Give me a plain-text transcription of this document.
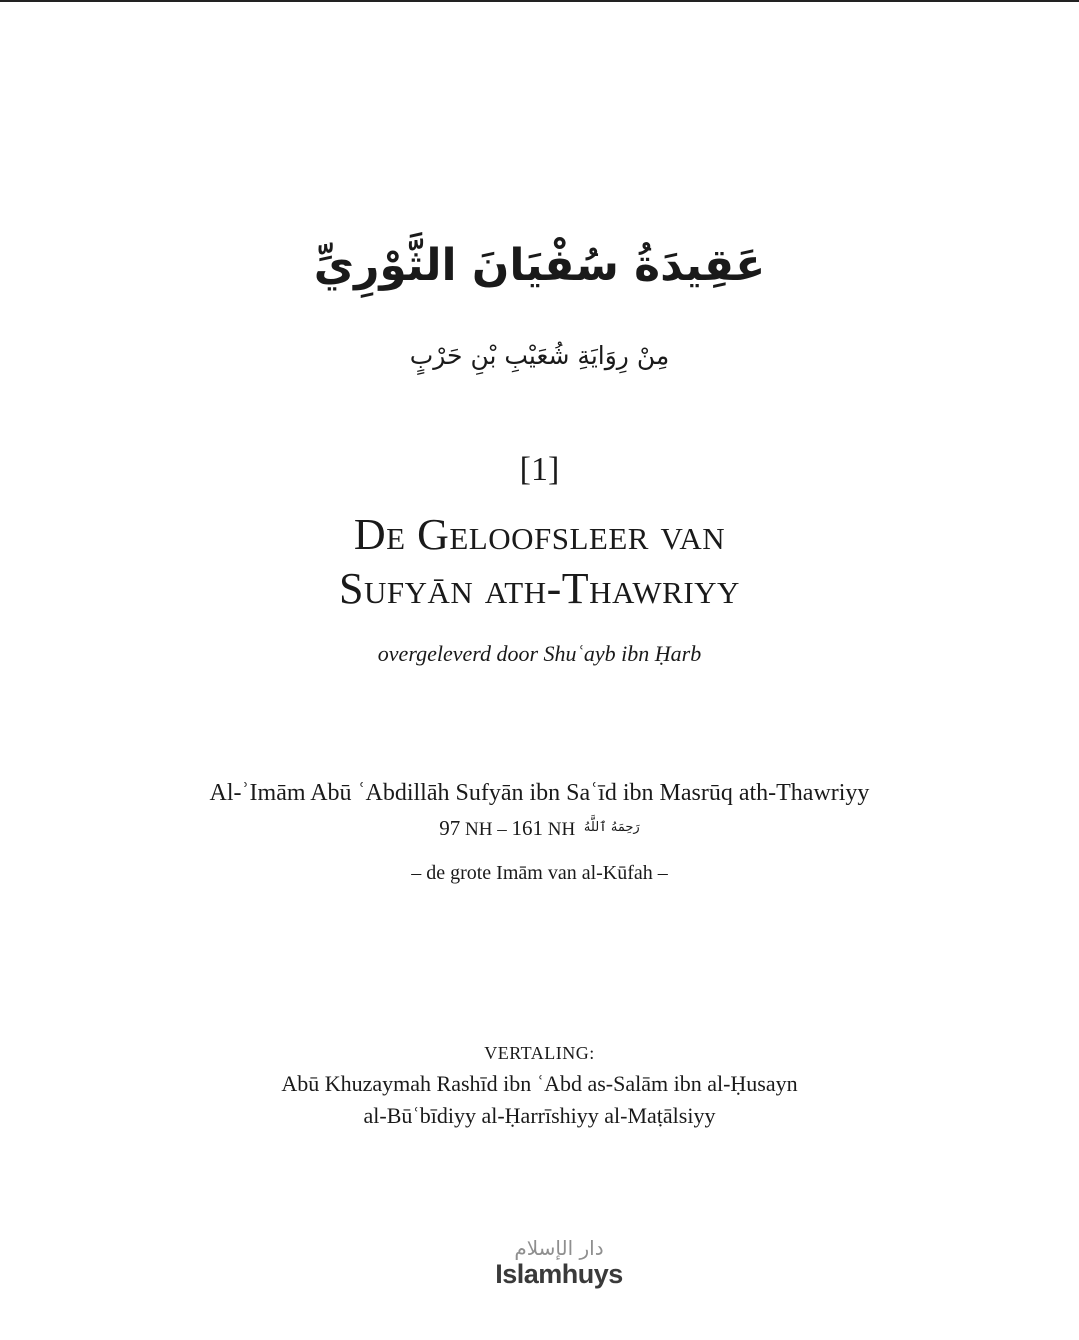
عَقِيدَةُ سُفْيَانَ الثَّوْرِيِّ
مِنْ رِوَايَةِ شُعَيْبِ بْنِ حَرْبٍ
[1]
De Geloofsleer van
Sufyān ath-Thawriyy
overgeleverd door Shuʿayb ibn Ḥarb
Al-ʾImām Abū ʿAbdillāh Sufyān ibn Saʿīd ibn Masrūq ath-Thawriyy
97 NH – 161 NH $^{رَحِمَهُ ٱللَّهُ}$
– de grote Imām van al-Kūfah –
VERTALING:
Abū Khuzaymah Rashīd ibn ʿAbd as-Salām ibn al-Ḥusayn
al-Būʿbīdiyy al-Ḥarrīshiyy al-Maṭālsiyy
دار الإسلام
Islamhuys
